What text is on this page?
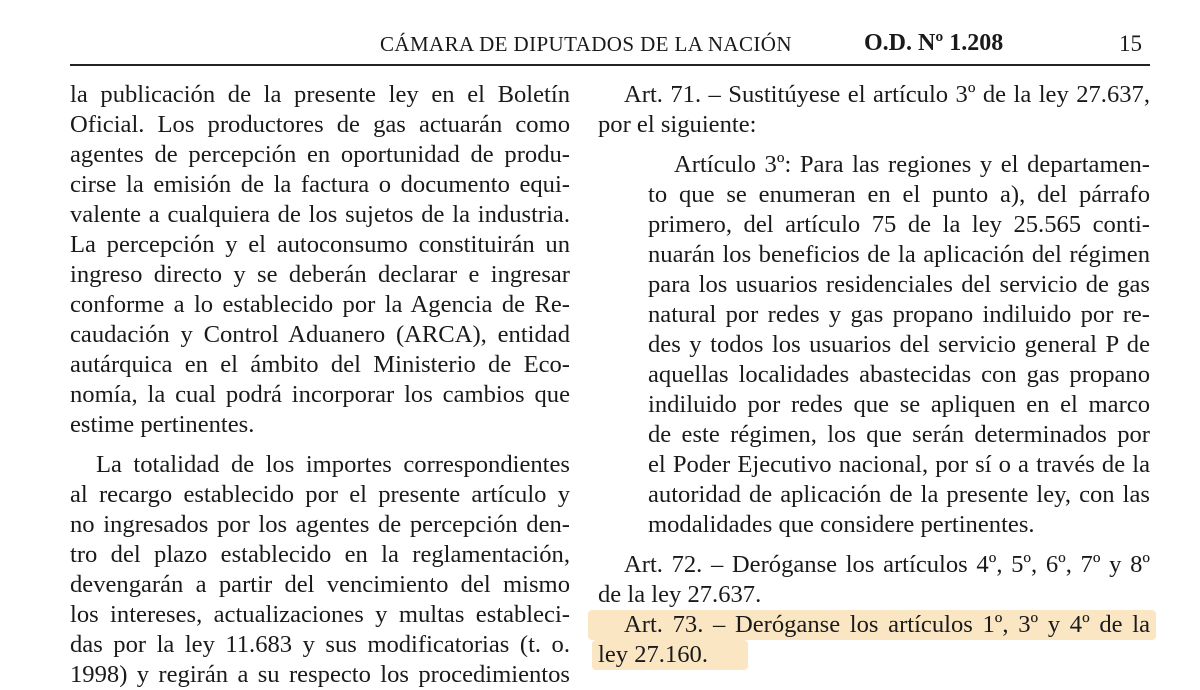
CÁMARA DE DIPUTADOS DE LA NACIÓN	O.D. Nº 1.208	15
la publicación de la presente ley en el Boletín
Oficial. Los productores de gas actuarán como
agentes de percepción en oportunidad de produ-
cirse la emisión de la factura o documento equi-
valente a cualquiera de los sujetos de la industria.
La percepción y el autoconsumo constituirán un
ingreso directo y se deberán declarar e ingresar
conforme a lo establecido por la Agencia de Re-
caudación y Control Aduanero (ARCA), entidad
autárquica en el ámbito del Ministerio de Eco-
nomía, la cual podrá incorporar los cambios que
estime pertinentes.
La totalidad de los importes correspondientes
al recargo establecido por el presente artículo y
no ingresados por los agentes de percepción den-
tro del plazo establecido en la reglamentación,
devengarán a partir del vencimiento del mismo
los intereses, actualizaciones y multas estableci-
das por la ley 11.683 y sus modificatorias (t. o.
1998) y regirán a su respecto los procedimientos
Art. 71. – Sustitúyese el artículo 3º de la ley 27.637,
por el siguiente:
Artículo 3º: Para las regiones y el departamen-
to que se enumeran en el punto a), del párrafo
primero, del artículo 75 de la ley 25.565 conti-
nuarán los beneficios de la aplicación del régimen
para los usuarios residenciales del servicio de gas
natural por redes y gas propano indiluido por re-
des y todos los usuarios del servicio general P de
aquellas localidades abastecidas con gas propano
indiluido por redes que se apliquen en el marco
de este régimen, los que serán determinados por
el Poder Ejecutivo nacional, por sí o a través de la
autoridad de aplicación de la presente ley, con las
modalidades que considere pertinentes.
Art. 72. – Deróganse los artículos 4º, 5º, 6º, 7º y 8º
de la ley 27.637.
Art. 73. – Deróganse los artículos 1º, 3º y 4º de la
ley 27.160.
